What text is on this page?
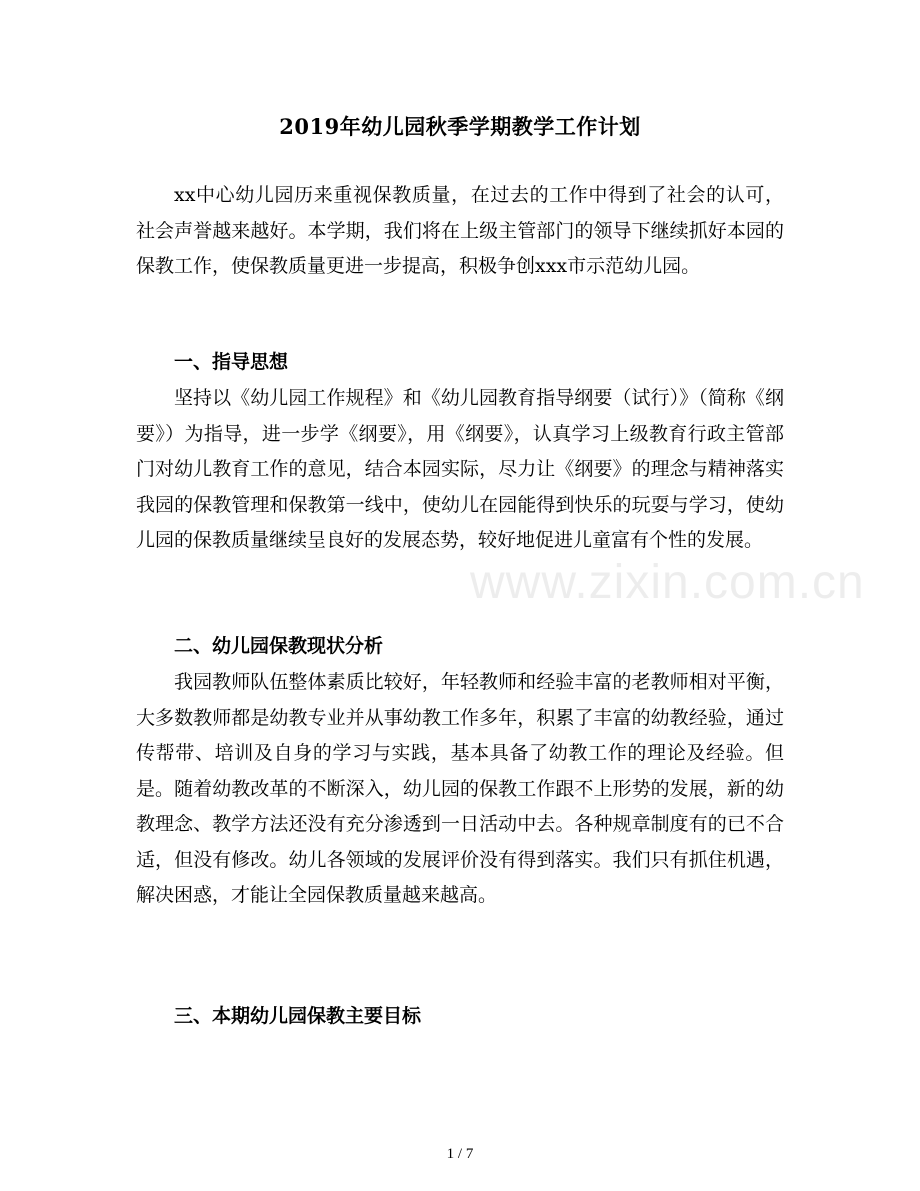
www.zixin.com.cn
2019年幼儿园秋季学期教学工作计划

xx中心幼儿园历来重视保教质量，在过去的工作中得到了社会的认可，社会声誉越来越好。本学期，我们将在上级主管部门的领导下继续抓好本园的保教工作，使保教质量更进一步提高，积极争创xxx市示范幼儿园。

一、指导思想

坚持以《幼儿园工作规程》和《幼儿园教育指导纲要（试行）》（简称《纲要》）为指导，进一步学《纲要》，用《纲要》，认真学习上级教育行政主管部门对幼儿教育工作的意见，结合本园实际，尽力让《纲要》的理念与精神落实我园的保教管理和保教第一线中，使幼儿在园能得到快乐的玩耍与学习，使幼儿园的保教质量继续呈良好的发展态势，较好地促进儿童富有个性的发展。

二、幼儿园保教现状分析

我园教师队伍整体素质比较好，年轻教师和经验丰富的老教师相对平衡，大多数教师都是幼教专业并从事幼教工作多年，积累了丰富的幼教经验，通过传帮带、培训及自身的学习与实践，基本具备了幼教工作的理论及经验。但是。随着幼教改革的不断深入，幼儿园的保教工作跟不上形势的发展，新的幼教理念、教学方法还没有充分渗透到一日活动中去。各种规章制度有的已不合适，但没有修改。幼儿各领域的发展评价没有得到落实。我们只有抓住机遇，解决困惑，才能让全园保教质量越来越高。

三、本期幼儿园保教主要目标

1 / 7
